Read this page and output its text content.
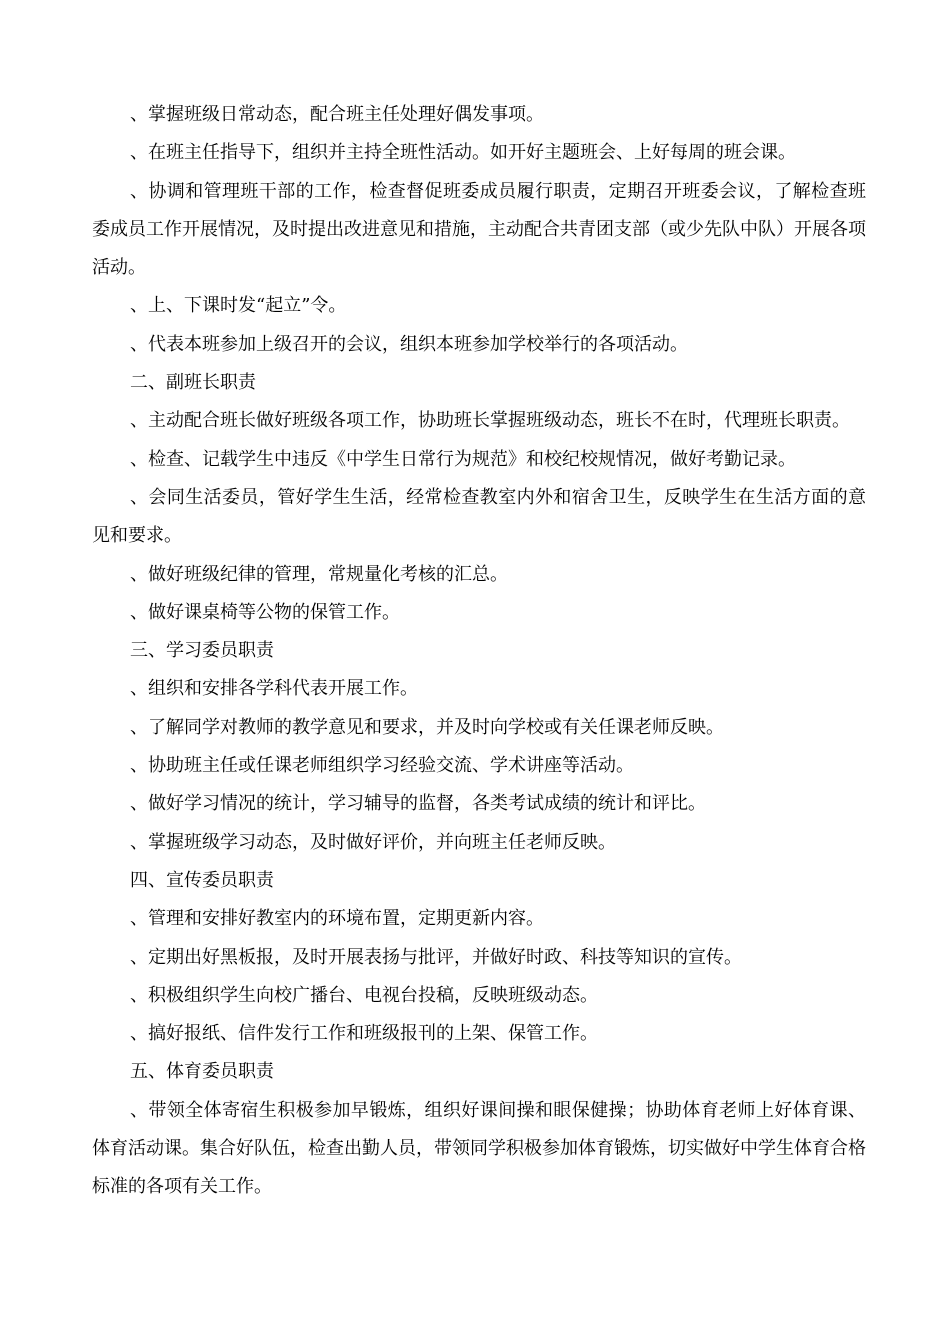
、掌握班级日常动态，配合班主任处理好偶发事项。

、在班主任指导下，组织并主持全班性活动。如开好主题班会、上好每周的班会课。

、协调和管理班干部的工作，检查督促班委成员履行职责，定期召开班委会议，了解检查班委成员工作开展情况，及时提出改进意见和措施，主动配合共青团支部（或少先队中队）开展各项活动。

、上、下课时发“起立”令。

、代表本班参加上级召开的会议，组织本班参加学校举行的各项活动。

二、副班长职责

、主动配合班长做好班级各项工作，协助班长掌握班级动态，班长不在时，代理班长职责。

、检查、记载学生中违反《中学生日常行为规范》和校纪校规情况，做好考勤记录。

、会同生活委员，管好学生生活，经常检查教室内外和宿舍卫生，反映学生在生活方面的意见和要求。

、做好班级纪律的管理，常规量化考核的汇总。

、做好课桌椅等公物的保管工作。

三、学习委员职责

、组织和安排各学科代表开展工作。

、了解同学对教师的教学意见和要求，并及时向学校或有关任课老师反映。

、协助班主任或任课老师组织学习经验交流、学术讲座等活动。

、做好学习情况的统计，学习辅导的监督，各类考试成绩的统计和评比。

、掌握班级学习动态，及时做好评价，并向班主任老师反映。

四、宣传委员职责

、管理和安排好教室内的环境布置，定期更新内容。

、定期出好黑板报，及时开展表扬与批评，并做好时政、科技等知识的宣传。

、积极组织学生向校广播台、电视台投稿，反映班级动态。

、搞好报纸、信件发行工作和班级报刊的上架、保管工作。

五、体育委员职责

、带领全体寄宿生积极参加早锻炼，组织好课间操和眼保健操；协助体育老师上好体育课、体育活动课。集合好队伍，检查出勤人员，带领同学积极参加体育锻炼，切实做好中学生体育合格标准的各项有关工作。
